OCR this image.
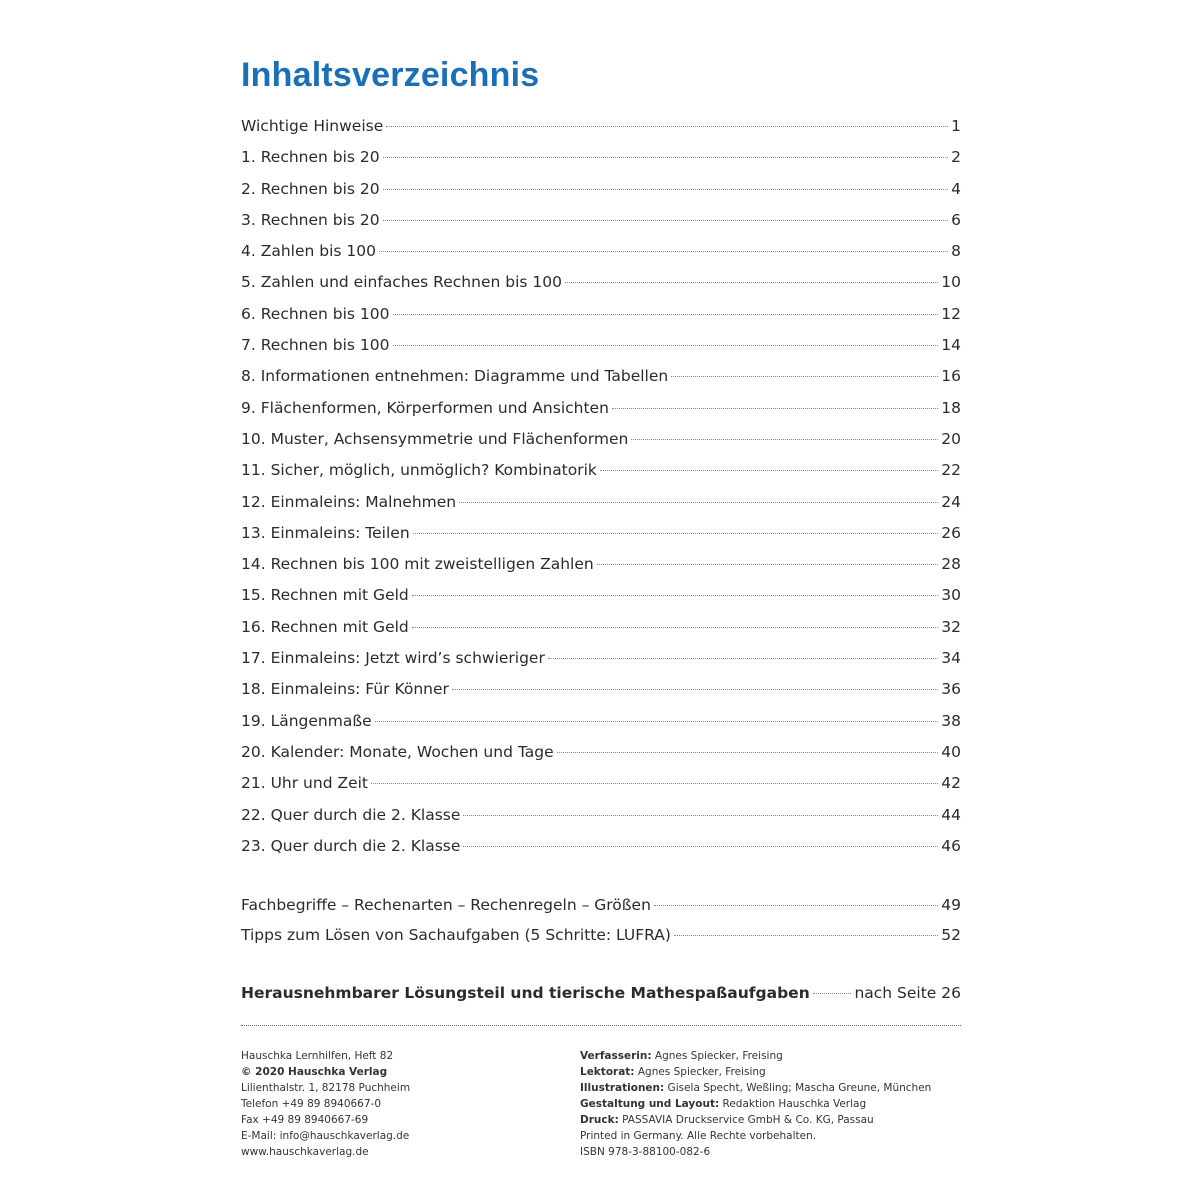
Inhaltsverzeichnis
Wichtige Hinweise	1
1. Rechnen bis 20	2
2. Rechnen bis 20	4
3. Rechnen bis 20	6
4. Zahlen bis 100	8
5. Zahlen und einfaches Rechnen bis 100	10
6. Rechnen bis 100	12
7. Rechnen bis 100	14
8. Informationen entnehmen: Diagramme und Tabellen	16
9. Flächenformen, Körperformen und Ansichten	18
10. Muster, Achsensymmetrie und Flächenformen	20
11. Sicher, möglich, unmöglich? Kombinatorik	22
12. Einmaleins: Malnehmen	24
13. Einmaleins: Teilen	26
14. Rechnen bis 100 mit zweistelligen Zahlen	28
15. Rechnen mit Geld	30
16. Rechnen mit Geld	32
17. Einmaleins: Jetzt wird’s schwieriger	34
18. Einmaleins: Für Könner	36
19. Längenmaße	38
20. Kalender: Monate, Wochen und Tage	40
21. Uhr und Zeit	42
22. Quer durch die 2. Klasse	44
23. Quer durch die 2. Klasse	46
Fachbegriffe – Rechenarten – Rechenregeln – Größen	49
Tipps zum Lösen von Sachaufgaben (5 Schritte: LUFRA)	52
Herausnehmbarer Lösungsteil und tierische Mathespaßaufgaben	nach Seite 26
Hauschka Lernhilfen, Heft 82
© 2020 Hauschka Verlag
Lilienthalstr. 1, 82178 Puchheim
Telefon +49 89 8940667-0
Fax +49 89 8940667-69
E-Mail: info@hauschkaverlag.de
www.hauschkaverlag.de
Verfasserin: Agnes Spiecker, Freising
Lektorat: Agnes Spiecker, Freising
Illustrationen: Gisela Specht, Weßling; Mascha Greune, München
Gestaltung und Layout: Redaktion Hauschka Verlag
Druck: PASSAVIA Druckservice GmbH & Co. KG, Passau
Printed in Germany. Alle Rechte vorbehalten.
ISBN 978-3-88100-082-6
